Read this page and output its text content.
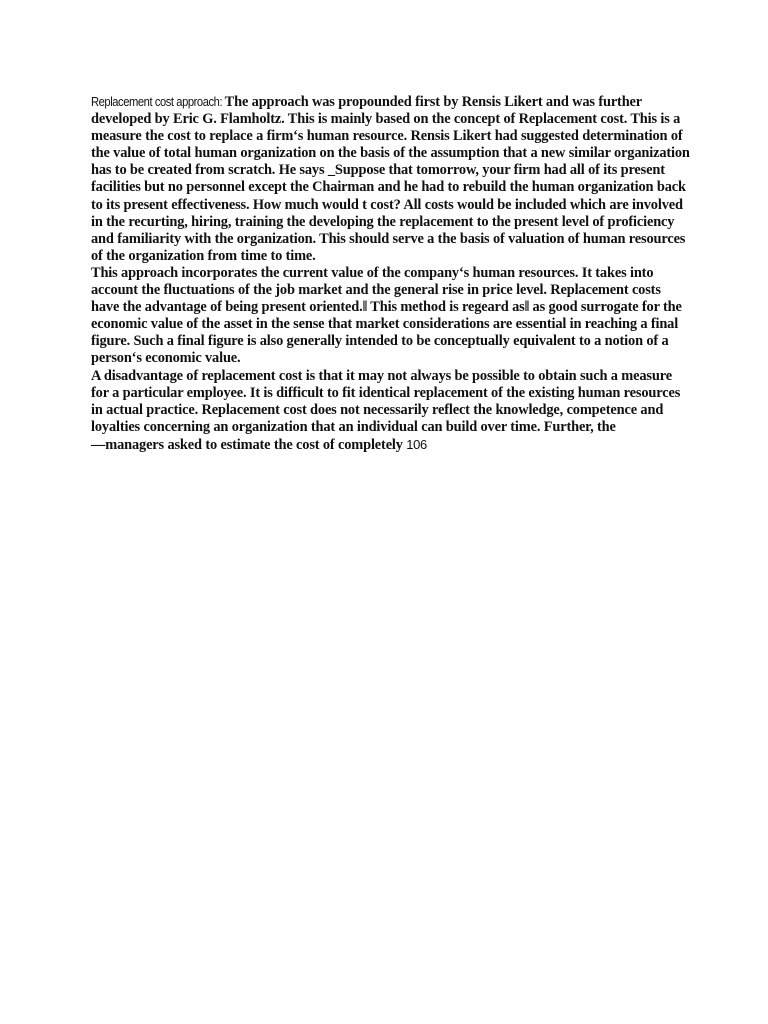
Replacement cost approach: The approach was propounded first by Rensis Likert and was further developed by Eric G. Flamholtz. This is mainly based on the concept of Replacement cost. This is a measure the cost to replace a firm‘s human resource. Rensis Likert had suggested determination of the value of total human organization on the basis of the assumption that a new similar organization has to be created from scratch. He says _Suppose that tomorrow, your firm had all of its present facilities but no personnel except the Chairman and he had to rebuild the human organization back to its present effectiveness. How much would t cost? All costs would be included which are involved in the recurting, hiring, training the developing the replacement to the present level of proficiency and familiarity with the organization. This should serve a the basis of valuation of human resources of the organization from time to time.

This approach incorporates the current value of the company‘s human resources. It takes into account the fluctuations of the job market and the general rise in price level. Replacement costs have the advantage of being present oriented.‖ This method is regeard as‖ as good surrogate for the economic value of the asset in the sense that market considerations are essential in reaching a final figure. Such a final figure is also generally intended to be conceptually equivalent to a notion of a person‘s economic value.

A disadvantage of replacement cost is that it may not always be possible to obtain such a measure for a particular employee. It is difficult to fit identical replacement of the existing human resources in actual practice. Replacement cost does not necessarily reflect the knowledge, competence and loyalties concerning an organization that an individual can build over time. Further, the ―managers asked to estimate the cost of completely 106
